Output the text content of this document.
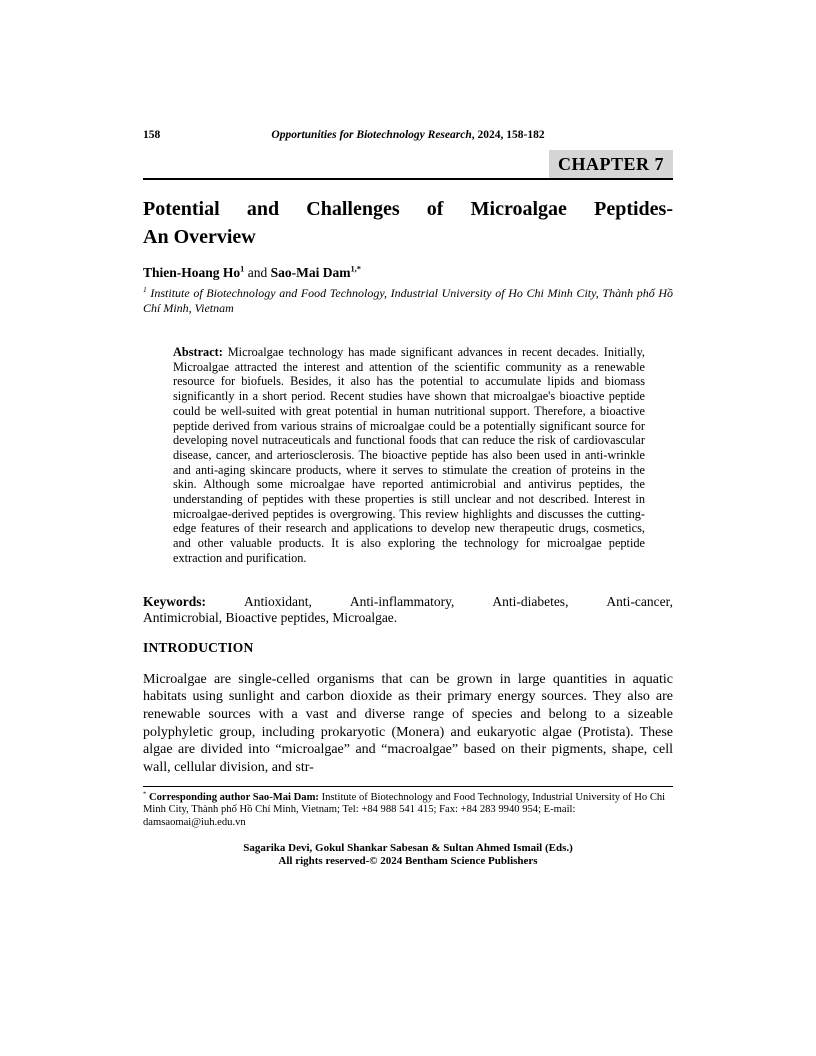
158	Opportunities for Biotechnology Research, 2024, 158-182
CHAPTER 7
Potential and Challenges of Microalgae Peptides-
An Overview

Thien-Hoang Ho$^1$ and Sao-Mai Dam$^{1,*}$

$^1$ Institute of Biotechnology and Food Technology, Industrial University of Ho Chi Minh City, Thành phố Hồ Chí Minh, Vietnam

Abstract: Microalgae technology has made significant advances in recent decades. Initially, Microalgae attracted the interest and attention of the scientific community as a renewable resource for biofuels. Besides, it also has the potential to accumulate lipids and biomass significantly in a short period. Recent studies have shown that microalgae's bioactive peptide could be well-suited with great potential in human nutritional support. Therefore, a bioactive peptide derived from various strains of microalgae could be a potentially significant source for developing novel nutraceuticals and functional foods that can reduce the risk of cardiovascular disease, cancer, and arteriosclerosis. The bioactive peptide has also been used in anti-wrinkle and anti-aging skincare products, where it serves to stimulate the creation of proteins in the skin. Although some microalgae have reported antimicrobial and antivirus peptides, the understanding of peptides with these properties is still unclear and not described. Interest in microalgae-derived peptides is overgrowing. This review highlights and discusses the cutting-edge features of their research and applications to develop new therapeutic drugs, cosmetics, and other valuable products. It is also exploring the technology for microalgae peptide extraction and purification.

Keywords:	Antioxidant, Anti-inflammatory, Anti-diabetes, Anti-cancer,
Antimicrobial, Bioactive peptides, Microalgae.

INTRODUCTION

Microalgae are single-celled organisms that can be grown in large quantities in aquatic habitats using sunlight and carbon dioxide as their primary energy sources. They also are renewable sources with a vast and diverse range of species and belong to a sizeable polyphyletic group, including prokaryotic (Monera) and eukaryotic algae (Protista). These algae are divided into “microalgae” and “macroalgae” based on their pigments, shape, cell wall, cellular division, and str-

* Corresponding author Sao-Mai Dam: Institute of Biotechnology and Food Technology, Industrial University of Ho Chi Minh City, Thành phố Hồ Chí Minh, Vietnam; Tel: +84 988 541 415; Fax: +84 283 9940 954; E-mail: damsaomai@iuh.edu.vn
Sagarika Devi, Gokul Shankar Sabesan & Sultan Ahmed Ismail (Eds.)
All rights reserved-© 2024 Bentham Science Publishers
